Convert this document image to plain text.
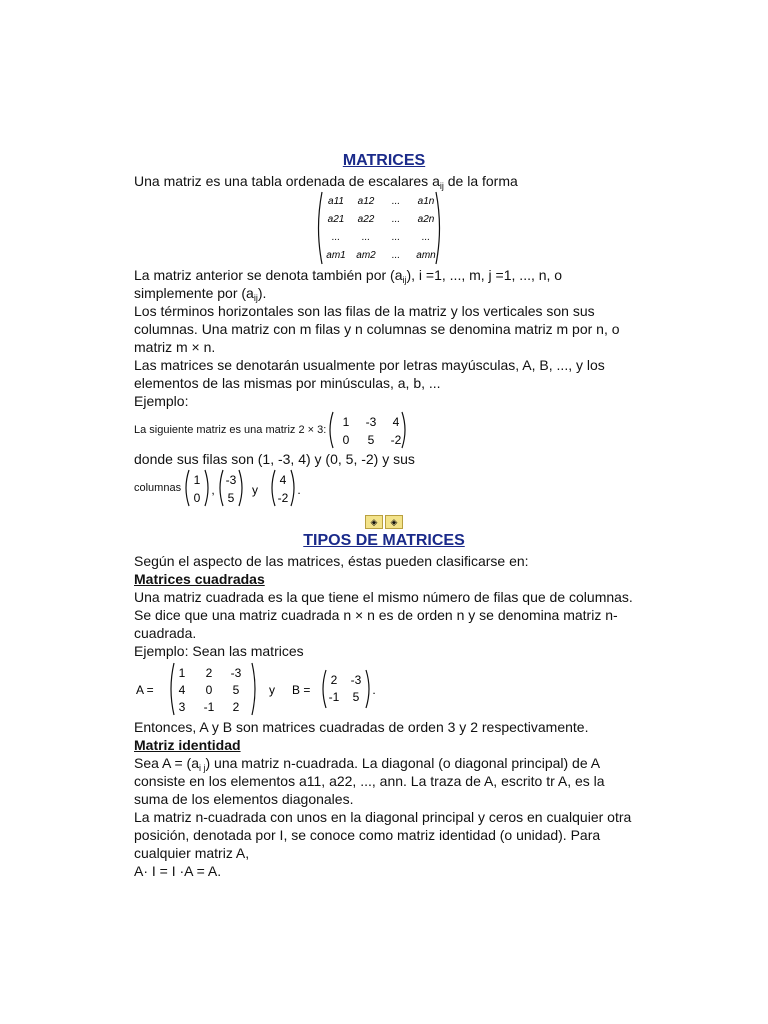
MATRICES

Una matriz es una tabla ordenada de escalares $a_{ij}$ de la forma

a11 a12 ... a1n
a21 a22 ... a2n
... ... ... ...
am1 am2 ... amn

La matriz anterior se denota también por $(a_{ij})$, i =1, ..., m, j =1, ..., n, o simplemente por $(a_{ij})$.

Los términos horizontales son las filas de la matriz y los verticales son sus columnas. Una matriz con m filas y n columnas se denomina matriz m por n, o matriz m × n.

Las matrices se denotarán usualmente por letras mayúsculas, A, B, ..., y los elementos de las mismas por minúsculas, a, b, ...

Ejemplo:

La siguiente matriz es una matriz 2 × 3:
1 -3 4
0 5 -2

donde sus filas son (1, -3, 4) y (0, 5, -2) y sus

columnas
1
0
,
-3
5
y
4
-2
.
◈ ◈
TIPOS DE MATRICES

Según el aspecto de las matrices, éstas pueden clasificarse en:

Matrices cuadradas

Una matriz cuadrada es la que tiene el mismo número de filas que de columnas. Se dice que una matriz cuadrada n × n es de orden n y se denomina matriz n-cuadrada.

Ejemplo: Sean las matrices

A =
1 2 -3
4 0 5
3 -1 2
y B =
2 -3
-1 5 .

Entonces, A y B son matrices cuadradas de orden 3 y 2 respectivamente.

Matriz identidad

Sea $A = (a_{i j})$ una matriz n-cuadrada. La diagonal (o diagonal principal) de A consiste en los elementos a11, a22, ..., ann. La traza de A, escrito tr A, es la suma de los elementos diagonales.

La matriz n-cuadrada con unos en la diagonal principal y ceros en cualquier otra posición, denotada por I, se conoce como matriz identidad (o unidad). Para cualquier matriz A,

A· I = I ·A = A.
